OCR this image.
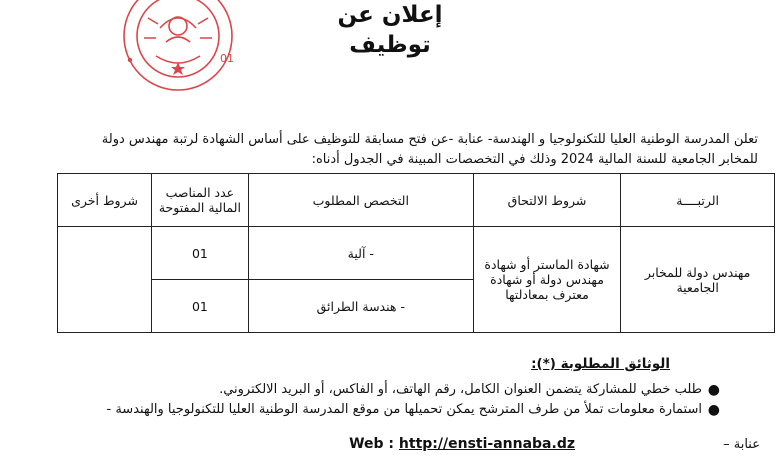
01
إعلان عن توظيف
تعلن المدرسة الوطنية العليا للتكنولوجيا و الهندسة- عنابة -عن فتح مسابقة للتوظيف على أساس الشهادة لرتبة مهندس دولة
للمخابر الجامعية للسنة المالية 2024 وذلك في التخصصات المبينة في الجدول أدناه:
الرتبــــة	شروط الالتحاق	التخصص المطلوب	عدد المناصب المالية المفتوحة	شروط أخرى
مهندس دولة للمخابر الجامعية	شهادة الماستر أو شهادة مهندس دولة أو شهادة معترف بمعادلتها	- آلية	01	
		- هندسة الطرائق	01	
الوثائق المطلوبة (*):
●
طلب خطي للمشاركة يتضمن العنوان الكامل، رقم الهاتف، أو الفاكس، أو البريد الالكتروني.
●
استمارة معلومات تملأ من طرف المترشح يمكن تحميلها من موقع المدرسة الوطنية العليا للتكنولوجيا والهندسة -
عنابة –
Web : http://ensti-annaba.dz
